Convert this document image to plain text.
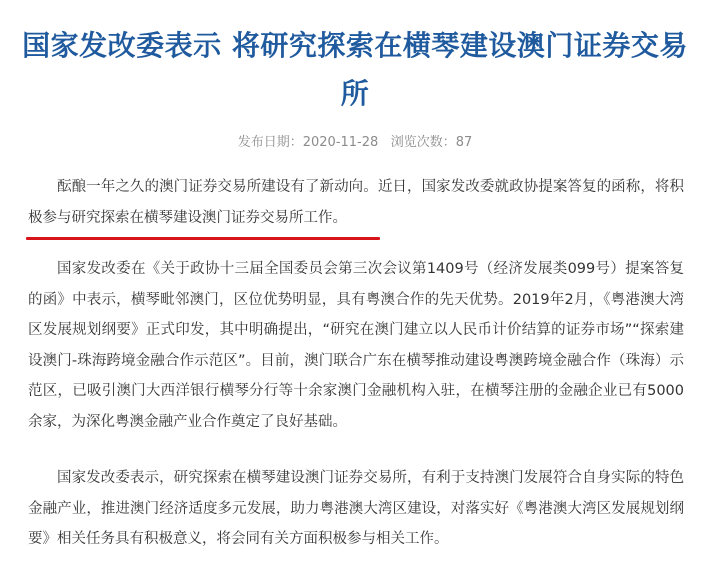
国家发改委表示 将研究探索在横琴建设澳门证券交易所
发布日期：2020-11-28 浏览次数：87

酝酿一年之久的澳门证券交易所建设有了新动向。近日，国家发改委就政协提案答复的函称，将积极参与研究探索在横琴建设澳门证券交易所工作。

国家发改委在《关于政协十三届全国委员会第三次会议第1409号（经济发展类099号）提案答复的函》中表示，横琴毗邻澳门，区位优势明显，具有粤澳合作的先天优势。2019年2月，《粤港澳大湾区发展规划纲要》正式印发，其中明确提出，“研究在澳门建立以人民币计价结算的证券市场”“探索建设澳门-珠海跨境金融合作示范区”。目前，澳门联合广东在横琴推动建设粤澳跨境金融合作（珠海）示范区，已吸引澳门大西洋银行横琴分行等十余家澳门金融机构入驻，在横琴注册的金融企业已有5000余家，为深化粤澳金融产业合作奠定了良好基础。

国家发改委表示，研究探索在横琴建设澳门证券交易所，有利于支持澳门发展符合自身实际的特色金融产业，推进澳门经济适度多元发展，助力粤港澳大湾区建设，对落实好《粤港澳大湾区发展规划纲要》相关任务具有积极意义，将会同有关方面积极参与相关工作。
